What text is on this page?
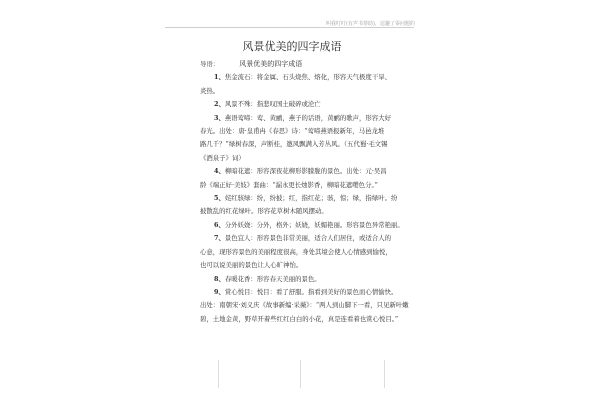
叫我叮叮(有声书帮助)，逗趣了零问题的
风景优美的四字成语

导语：	风景优美的四字成语

1、焦金流石：将金属、石头烧焦、熔化，形容天气极度干旱、

炎热。

2、风景不殊：指悲叹国土破碎或沦亡

3、燕语莺啼：莺、黄鹂，燕子的话语，黄鹂的歌声，形容大好

春光。出处：唐·皇甫冉《春思》诗：“莺啼燕语报新年，马邑龙堆

路几千？”绿树春深，声断桂，邀风飘满入芳丛风。（五代蜀·毛文锡

《酒泉子》词）

4、柳暗花遮：形容深夜花柳形影朦胧的景色。出处：元·吴昌

龄《端正好·美妓》套曲：“漏永更长烛影香，柳暗花遮嘤色分。”

5、姹红骇绿：纷，纷披；红，指红花；骇，惊；绿，指绿叶。纷

披散乱的红花绿叶。形容花草树木随风摆动。

6、分外妖娆：分外，格外；妖娆，妖媚艳丽。形容景色异常艳丽。

7、景色宜人：形容景色非常美丽，适合人们居住，或适合人的

心意，现形容景色的美丽程度很高，身处其境会使人心情感到愉悦，

也可以说美丽的景色让人心旷神怡。

8、春暖花香：形容春天美丽的景色。

9、赏心悦目：悦目：看了舒服。指看到美好的景色而心情愉快。

出处：南朝宋·刘义庆《故事新编·采薇》：“两人到山脚下一看，只见新叶嫩

碧，土地金黄，野草开着些红红白白的小花，真是连看着也赏心悦目。”
